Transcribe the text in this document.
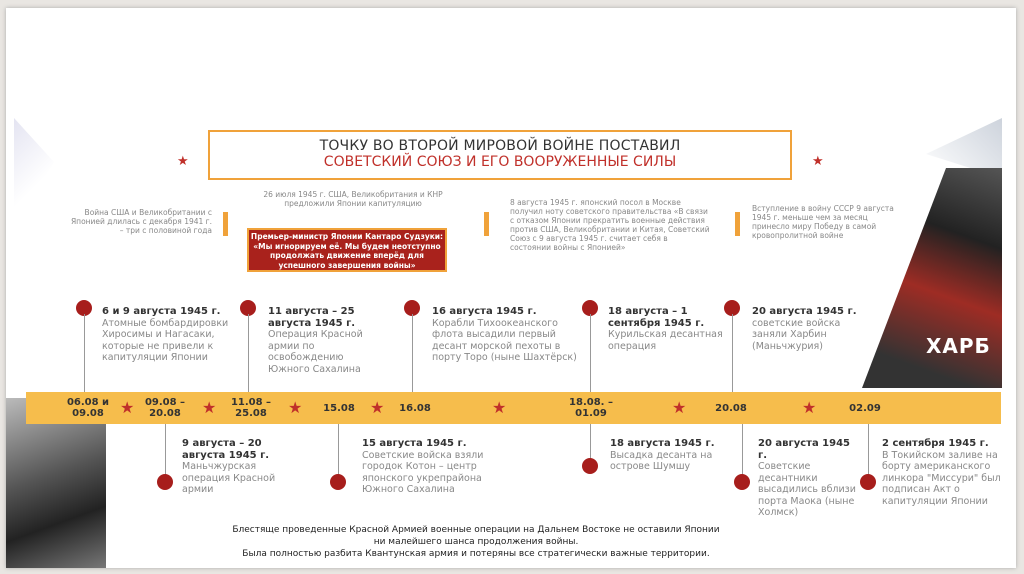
ХАРБ
ТОЧКУ ВО ВТОРОЙ МИРОВОЙ ВОЙНЕ ПОСТАВИЛ
СОВЕТСКИЙ СОЮЗ И ЕГО ВООРУЖЕННЫЕ СИЛЫ
★	★
Война США и Великобритании с Японией длилась с декабря 1941 г. – три с половиной года
26 июля 1945 г. США, Великобритания и КНР предложили Японии капитуляцию
Премьер-министр Японии Кантаро Судзуки: «Мы игнорируем её. Мы будем неотступно продолжать движение вперёд для успешного завершения войны»
8 августа 1945 г. японский посол в Москве получил ноту советского правительства «В связи с отказом Японии прекратить военные действия против США, Великобритании и Китая, Советский Союз с 9 августа 1945 г. считает себя в состоянии войны с Японией»
Вступление в войну СССР 9 августа 1945 г. меньше чем за месяц принесло миру Победу в самой кровопролитной войне
6 и 9 августа 1945 г.
Атомные бомбардировки Хиросимы и Нагасаки, которые не привели к капитуляции Японии
11 августа – 25 августа 1945 г.
Операция Красной армии по освобождению Южного Сахалина
16 августа 1945 г.
Корабли Тихоокеанского флота высадили первый десант морской пехоты в порту Торо (ныне Шахтёрск)
18 августа – 1 сентября 1945 г.
Курильская десантная операция
20 августа 1945 г.
советские войска заняли Харбин (Маньчжурия)
06.08 и 09.08	★ 09.08 – 20.08	★ 11.08 – 25.08	★	15.08 ★	16.08	★	18.08. – 01.09	★	20.08	★	02.09
9 августа – 20 августа 1945 г.
Маньчжурская операция Красной армии
15 августа 1945 г.
Советские войска взяли городок Котон – центр японского укрепрайона Южного Сахалина
18 августа 1945 г.
Высадка десанта на острове Шумшу
20 августа 1945 г.
Советские десантники высадились вблизи порта Маока (ныне Холмск)
2 сентября 1945 г.
В Токийском заливе на борту американского линкора "Миссури" был подписан Акт о капитуляции Японии
Блестяще проведенные Красной Армией военные операции на Дальнем Востоке не оставили Японии
ни малейшего шанса продолжения войны.
Была полностью разбита Квантунская армия и потеряны все стратегически важные территории.
